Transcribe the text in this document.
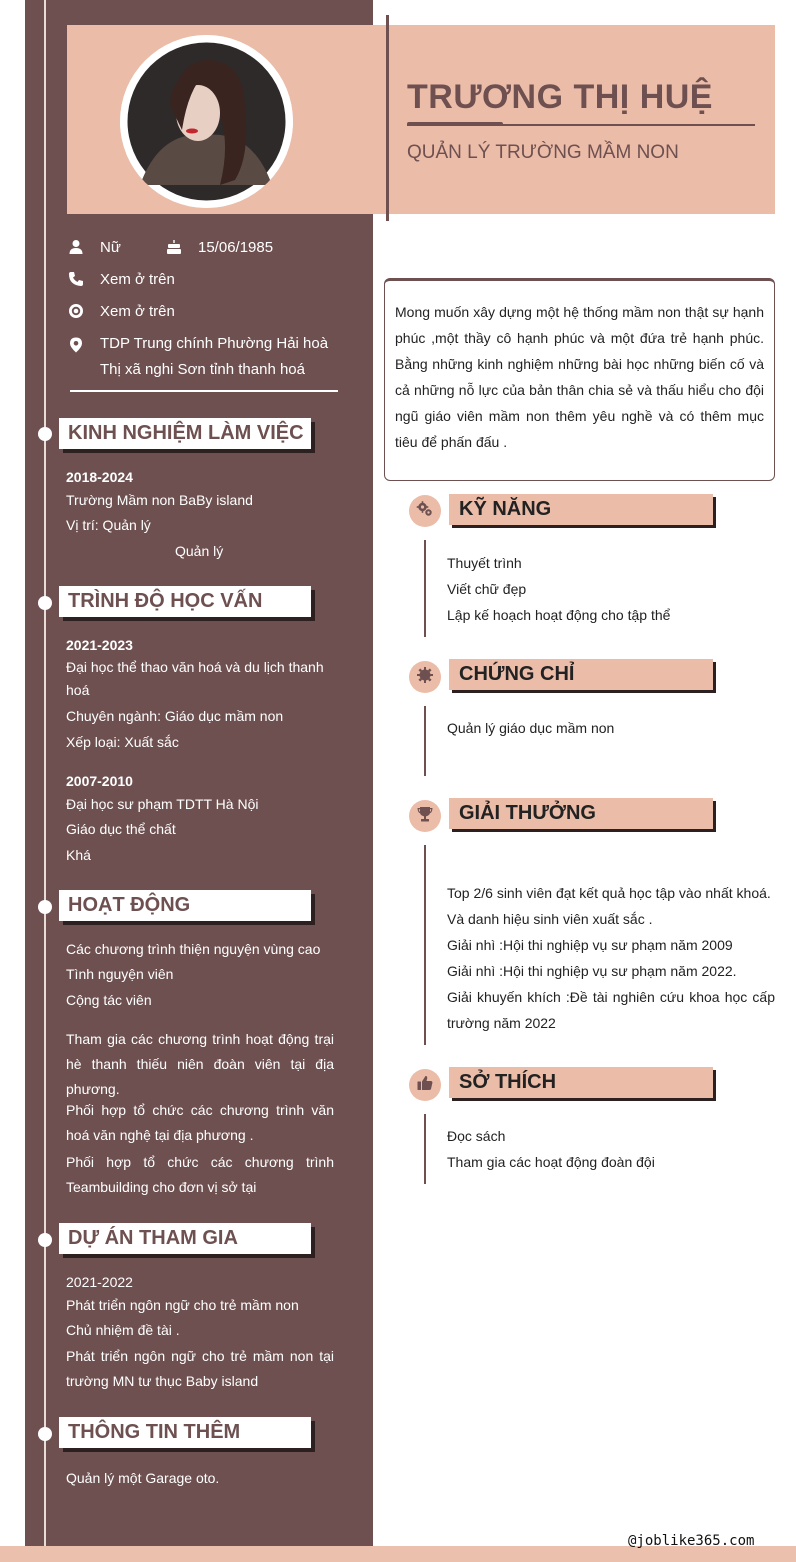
TRƯƠNG THỊ HUỆ
QUẢN LÝ TRƯỜNG MẦM NON
Nữ	15/06/1985
Xem ở trên
Xem ở trên
TDP Trung chính Phường Hải hoà
Thị xã nghi Sơn tỉnh thanh hoá
KINH NGHIỆM LÀM VIỆC
2018-2024
Trường Mầm non BaBy island
Vị trí: Quản lý
Quản lý
TRÌNH ĐỘ HỌC VẤN
2021-2023
Đại học thể thao văn hoá và du lịch thanh hoá
Chuyên ngành: Giáo dục mầm non
Xếp loại: Xuất sắc
2007-2010
Đại học sư phạm TDTT Hà Nội
Giáo dục thể chất
Khá
HOẠT ĐỘNG
Các chương trình thiện nguyện vùng cao
Tình nguyện viên
Cộng tác viên
Tham gia các chương trình hoạt động trại hè thanh thiếu niên đoàn viên tại địa phương.
Phối hợp tổ chức các chương trình văn hoá văn nghệ tại địa phương .
Phối hợp tổ chức các chương trình Teambuilding cho đơn vị sở tại
DỰ ÁN THAM GIA
2021-2022
Phát triển ngôn ngữ cho trẻ mầm non
Chủ nhiệm đề tài .
Phát triển ngôn ngữ cho trẻ mầm non tại trường MN tư thục Baby island
THÔNG TIN THÊM
Quản lý một Garage oto.

Mong muốn xây dựng một hệ thống mầm non thật sự hạnh phúc ,một thầy cô hạnh phúc và một đứa trẻ hạnh phúc. Bằng những kinh nghiệm những bài học những biến cố và cả những nỗ lực của bản thân chia sẻ và thấu hiểu cho đội ngũ giáo viên mầm non thêm yêu nghề và có thêm mục tiêu để phấn đấu .

KỸ NĂNG
Thuyết trình
Viết chữ đẹp
Lập kế hoạch hoạt động cho tập thể
CHỨNG CHỈ
Quản lý giáo dục mầm non
GIẢI THƯỞNG
Top 2/6 sinh viên đạt kết quả học tập vào nhất khoá.
Và danh hiệu sinh viên xuất sắc .
Giải nhì :Hội thi nghiệp vụ sư phạm năm 2009
Giải nhì :Hội thi nghiệp vụ sư phạm năm 2022.
Giải khuyến khích :Đề tài nghiên cứu khoa học cấp trường năm 2022
SỞ THÍCH
Đọc sách
Tham gia các hoạt động đoàn đội
@joblike365.com
